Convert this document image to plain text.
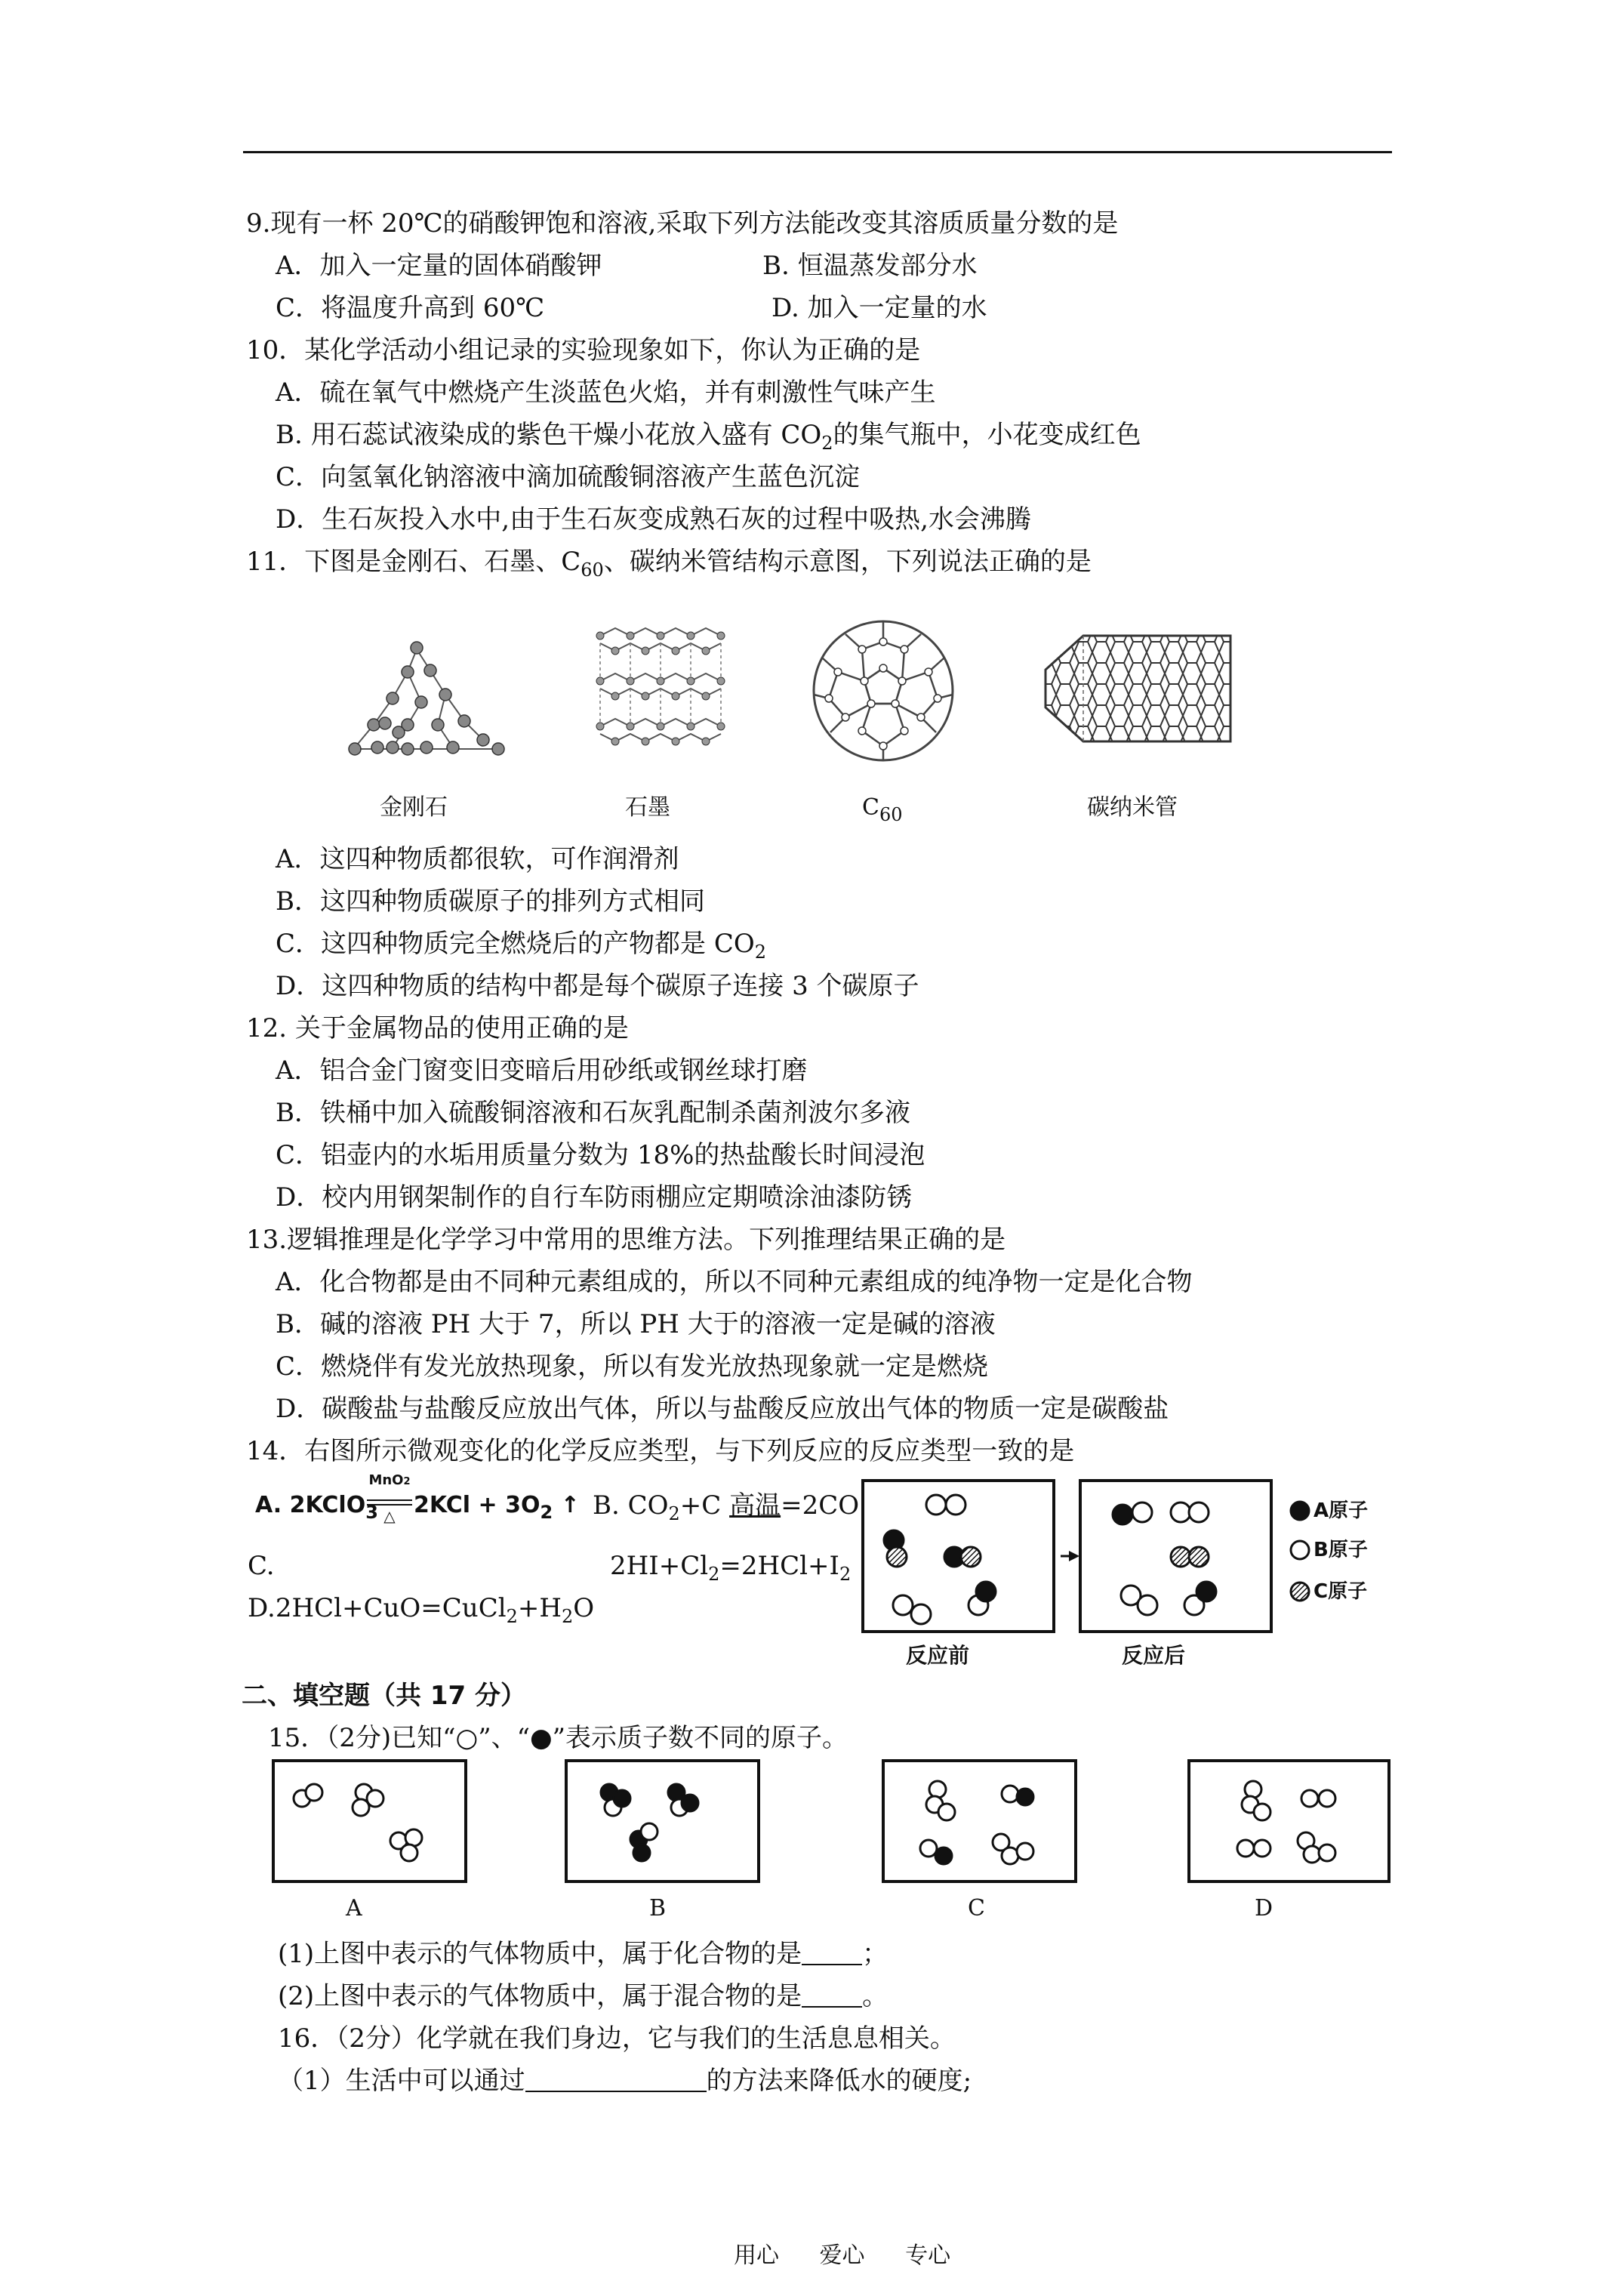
9.现有一杯 20℃的硝酸钾饱和溶液,采取下列方法能改变其溶质质量分数的是
A．加入一定量的固体硝酸钾	B. 恒温蒸发部分水
C．将温度升高到 60℃	D. 加入一定量的水
10．某化学活动小组记录的实验现象如下，你认为正确的是
A．硫在氧气中燃烧产生淡蓝色火焰，并有刺激性气味产生
B. 用石蕊试液染成的紫色干燥小花放入盛有 $CO_2$的集气瓶中，小花变成红色
C．向氢氧化钠溶液中滴加硫酸铜溶液产生蓝色沉淀
D．生石灰投入水中,由于生石灰变成熟石灰的过程中吸热,水会沸腾
11．下图是金刚石、石墨、$C_{60}$、碳纳米管结构示意图，下列说法正确的是
金刚石	石墨	$C_{60}$	碳纳米管
A．这四种物质都很软，可作润滑剂
B．这四种物质碳原子的排列方式相同
C．这四种物质完全燃烧后的产物都是 $CO_2$
D．这四种物质的结构中都是每个碳原子连接 3 个碳原子
12. 关于金属物品的使用正确的是
A．铝合金门窗变旧变暗后用砂纸或钢丝球打磨
B．铁桶中加入硫酸铜溶液和石灰乳配制杀菌剂波尔多液
C．铝壶内的水垢用质量分数为 18%的热盐酸长时间浸泡
D．校内用钢架制作的自行车防雨棚应定期喷涂油漆防锈
13.逻辑推理是化学学习中常用的思维方法。下列推理结果正确的是
A．化合物都是由不同种元素组成的，所以不同种元素组成的纯净物一定是化合物
B．碱的溶液 PH 大于 7，所以 PH 大于的溶液一定是碱的溶液
C．燃烧伴有发光放热现象，所以有发光放热现象就一定是燃烧
D．碳酸盐与盐酸反应放出气体，所以与盐酸反应放出气体的物质一定是碳酸盐
14．右图所示微观变化的化学反应类型，与下列反应的反应类型一致的是
A. 2KClO$_3$
MnO2
△ $2KCl + 3O_2$ ↑ B. $CO_2+C$ 高温=2CO
C.	$2HI+Cl_2=2HCl+I_2$
$D.2HCl+CuO=CuCl_2+H_2O$
A原子
B原子
C原子
反应前	反应后
二、填空题（共 17 分）
15．（2分)已知“○”、“●”表示质子数不同的原子。
A	B	C	D
(1)上图中表示的气体物质中，属于化合物的是 ；
(2)上图中表示的气体物质中，属于混合物的是 。
16．（2分）化学就在我们身边，它与我们的生活息息相关。
（1）生活中可以通过	的方法来降低水的硬度;
用心 爱心 专心
